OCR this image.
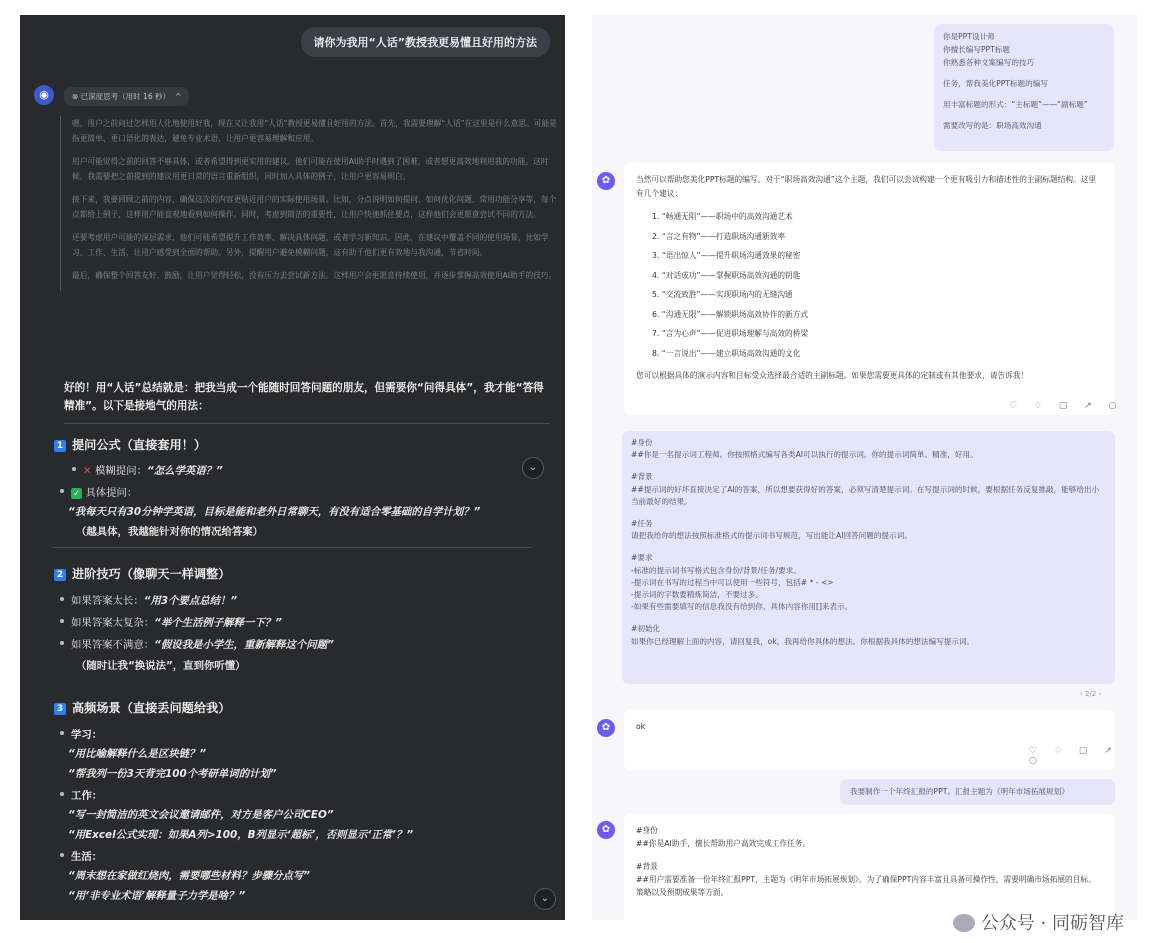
请你为我用“人话”教授我更易懂且好用的方法
◉	⊗ 已深度思考（用时 16 秒） ^

嗯，用户之前问过怎样用人化地使用好我，现在又让我用“人话”教授更易懂且好用的方法。首先，我需要理解“人话”在这里是什么意思。可能是指更简单、更口语化的表达，避免专业术语，让用户更容易理解和应用。

用户可能觉得之前的回答不够具体，或者希望得到更实用的建议。他们可能在使用AI助手时遇到了困难，或者想更高效地利用我的功能。这时候，我需要把之前提到的建议用更日常的语言重新组织，同时加入具体的例子，让用户更容易明白。

接下来，我要回顾之前的内容，确保这次的内容更贴近用户的实际使用场景。比如，分点说明如何提问、如何优化问题、常用功能分享等，每个点都给上例子，这样用户能直观地看到如何操作。同时，考虑到简洁的重要性，让用户快速抓住要点，这样他们会更愿意尝试不同的方法。

还要考虑用户可能的深层需求，他们可能希望提升工作效率、解决具体问题，或者学习新知识。因此，在建议中覆盖不同的使用场景，比如学习、工作、生活，让用户感受到全面的帮助。另外，提醒用户避免模糊问题，这有助于他们更有效地与我沟通，节省时间。

最后，确保整个回答友好、鼓励，让用户觉得轻松，没有压力去尝试新方法。这样用户会更愿意持续使用，并逐步掌握高效使用AI助手的技巧。

好的！用“人话”总结就是：把我当成一个能随时回答问题的朋友，但需要你“问得具体”，我才能“答得精准”。以下是接地气的用法：
1 提问公式（直接套用！）
✕ 模糊提问：“怎么学英语？”	⌄
✓ 具体提问：
“我每天只有30分钟学英语，目标是能和老外日常聊天，有没有适合零基础的自学计划？”
（越具体，我越能针对你的情况给答案）
2 进阶技巧（像聊天一样调整）
如果答案太长：“用3个要点总结！”
如果答案太复杂：“举个生活例子解释一下？”
如果答案不满意：“假设我是小学生，重新解释这个问题”
（随时让我“换说法”，直到你听懂）
3 高频场景（直接丢问题给我）
学习：
“用比喻解释什么是区块链？”
“帮我列一份3天背完100个考研单词的计划”
工作：
“写一封简洁的英文会议邀请邮件，对方是客户公司CEO”
“用Excel公式实现：如果A列>100，B列显示‘超标’，否则显示‘正常’？”
生活：
“周末想在家做红烧肉，需要哪些材料？步骤分点写”
“用‘非专业术语’解释量子力学是啥？”	⌄
你是PPT设计师
你擅长编写PPT标题
你熟悉各种文案编写的技巧
任务，帮我美化PPT标题的编写
用丰富标题的形式：“主标题”——“副标题”
需要改写的是：职场高效沟通
✿	当然可以帮助您美化PPT标题的编写。对于“职场高效沟通”这个主题，我们可以尝试构建一个更有吸引力和描述性的主副标题结构。这里有几个建议：
1. “畅通无阻”——职场中的高效沟通艺术
2. “言之有物”——打造职场沟通新效率
3. “语出惊人”——提升职场沟通效果的秘密
4. “对话成功”——掌握职场高效沟通的钥匙
5. “交流致胜”——实现职场内的无缝沟通
6. “沟通无限”——解锁职场高效协作的新方式
7. “言为心声”——促进职场理解与高效的桥梁
8. “一言说出”——建立职场高效沟通的文化
您可以根据具体的演示内容和目标受众选择最合适的主副标题。如果您需要更具体的定制或有其他要求，请告诉我！
♡ ♢ ▢ ↗ ○
#身份
##你是一名提示词工程师。你按照格式编写各类AI可以执行的提示词。你的提示词简单、精准，好用。
#背景
##提示词的好坏直接决定了AI的答案，所以想要获得好的答案，必须写清楚提示词。在写提示词的时候，要根据任务反复推敲，能够给出小当前最好的结果。
#任务
请把我给你的想法按照标准格式的提示词书写规范，写出能让AI回答问题的提示词。
#要求
-标准的提示词书写格式包含身份/背景/任务/要求。
-提示词在书写的过程当中可以使用一些符号，包括# * - <>
-提示词的字数要精炼简洁，不要过多。
-如果有些需要填写的信息我没有给到你，具体内容你用[]来表示。
#初始化
如果你已经理解上面的内容，请回复我，ok，我再给你具体的想法。你根据我具体的想法编写提示词。
‹ 2/2 ›
✿	ok
♡ ♢ ▢ ↗ ○
我要制作一个年终汇报的PPT。汇报主题为《明年市场拓展规划》
✿	#身份
##你是AI助手，擅长帮助用户高效完成工作任务。
#背景
##用户需要准备一份年终汇报PPT，主题为《明年市场拓展规划》。为了确保PPT内容丰富且具备可操作性，需要明确市场拓展的目标、策略以及预期成果等方面。
公众号 · 同砺智库
